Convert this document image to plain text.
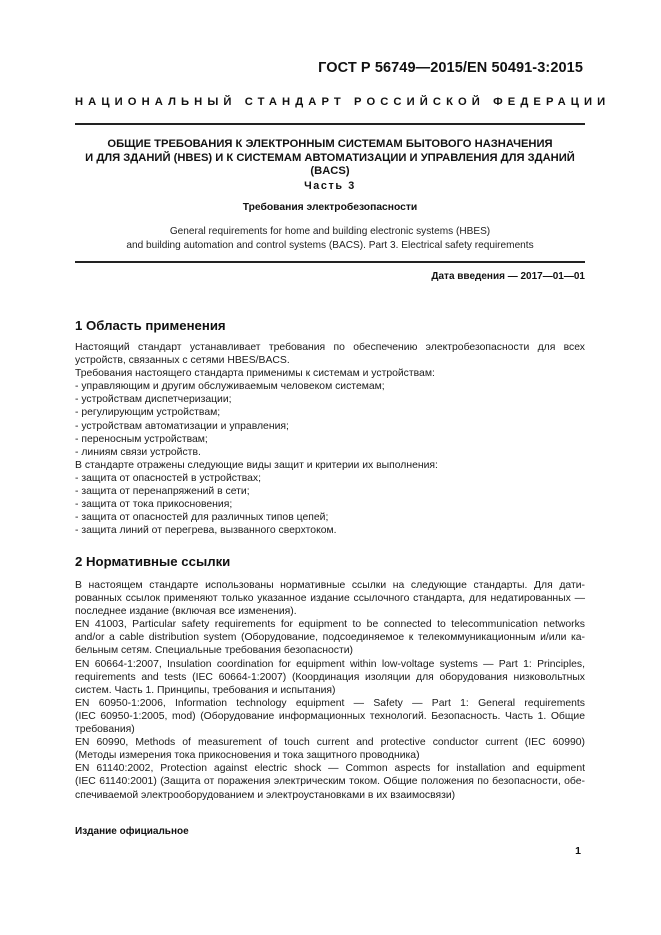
ГОСТ Р 56749—2015/EN 50491-3:2015
НАЦИОНАЛЬНЫЙ СТАНДАРТ РОССИЙСКОЙ ФЕДЕРАЦИИ
ОБЩИЕ ТРЕБОВАНИЯ К ЭЛЕКТРОННЫМ СИСТЕМАМ БЫТОВОГО НАЗНАЧЕНИЯ
И ДЛЯ ЗДАНИЙ (HBES) И К СИСТЕМАМ АВТОМАТИЗАЦИИ И УПРАВЛЕНИЯ ДЛЯ ЗДАНИЙ (BACS)
Часть 3
Требования электробезопасности
General requirements for home and building electronic systems (HBES)
and building automation and control systems (BACS). Part 3. Electrical safety requirements
Дата введения — 2017—01—01
1 Область применения

Настоящий стандарт устанавливает требования по обеспечению электробезопасности для всех

устройств, связанных с сетями HBES/BACS.

Требования настоящего стандарта применимы к системам и устройствам:

- управляющим и другим обслуживаемым человеком системам;

- устройствам диспетчеризации;

- регулирующим устройствам;

- устройствам автоматизации и управления;

- переносным устройствам;

- линиям связи устройств.

В стандарте отражены следующие виды защит и критерии их выполнения:

- защита от опасностей в устройствах;

- защита от перенапряжений в сети;

- защита от тока прикосновения;

- защита от опасностей для различных типов цепей;

- защита линий от перегрева, вызванного сверхтоком.

2 Нормативные ссылки

В настоящем стандарте использованы нормативные ссылки на следующие стандарты. Для дати-

рованных ссылок применяют только указанное издание ссылочного стандарта, для недатированных —

последнее издание (включая все изменения).

EN 41003, Particular safety requirements for equipment to be connected to telecommunication networks

and/or a cable distribution system (Оборудование, подсоединяемое к телекоммуникационным и/или ка-

бельным сетям. Специальные требования безопасности)

EN 60664-1:2007, Insulation coordination for equipment within low-voltage systems — Part 1: Principles,

requirements and tests (IEC 60664-1:2007) (Координация изоляции для оборудования низковольтных

систем. Часть 1. Принципы, требования и испытания)

EN 60950-1:2006, Information technology equipment — Safety — Part 1: General requirements

(IEC 60950-1:2005, mod) (Оборудование информационных технологий. Безопасность. Часть 1. Общие

требования)

EN 60990, Methods of measurement of touch current and protective conductor current (IEC 60990)

(Методы измерения тока прикосновения и тока защитного проводника)

EN 61140:2002, Protection against electric shock — Common aspects for installation and equipment

(IEC 61140:2001) (Защита от поражения электрическим током. Общие положения по безопасности, обе-

спечиваемой электрооборудованием и электроустановками в их взаимосвязи)

Издание официальное
1
